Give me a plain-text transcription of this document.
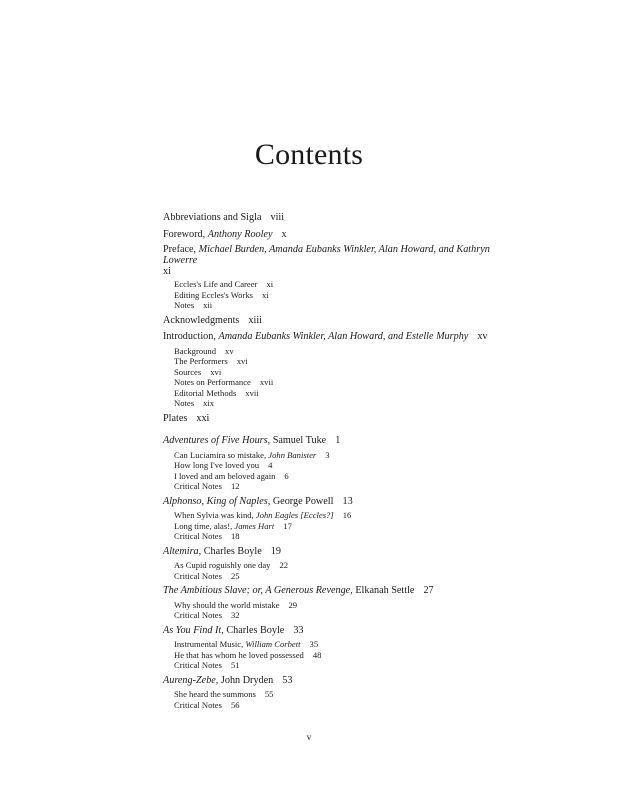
Contents
Abbreviations and Sigla viii
Foreword, Anthony Rooley x
Preface, Michael Burden, Amanda Eubanks Winkler, Alan Howard, and Kathryn Lowerre
xi
Eccles's Life and Career xi
Editing Eccles's Works xi
Notes xii
Acknowledgments xiii
Introduction, Amanda Eubanks Winkler, Alan Howard, and Estelle Murphy xv
Background xv
The Performers xvi
Sources xvi
Notes on Performance xvii
Editorial Methods xvii
Notes xix
Plates xxi
Adventures of Five Hours, Samuel Tuke 1
Can Luciamira so mistake, John Banister 3
How long I've loved you 4
I loved and am beloved again 6
Critical Notes 12
Alphonso, King of Naples, George Powell 13
When Sylvia was kind, John Eagles [Eccles?] 16
Long time, alas!, James Hart 17
Critical Notes 18
Altemira, Charles Boyle 19
As Cupid roguishly one day 22
Critical Notes 25
The Ambitious Slave; or, A Generous Revenge, Elkanah Settle 27
Why should the world mistake 29
Critical Notes 32
As You Find It, Charles Boyle 33
Instrumental Music, William Corbett 35
He that has whom he loved possessed 48
Critical Notes 51
Aureng-Zebe, John Dryden 53
She heard the summons 55
Critical Notes 56
v
